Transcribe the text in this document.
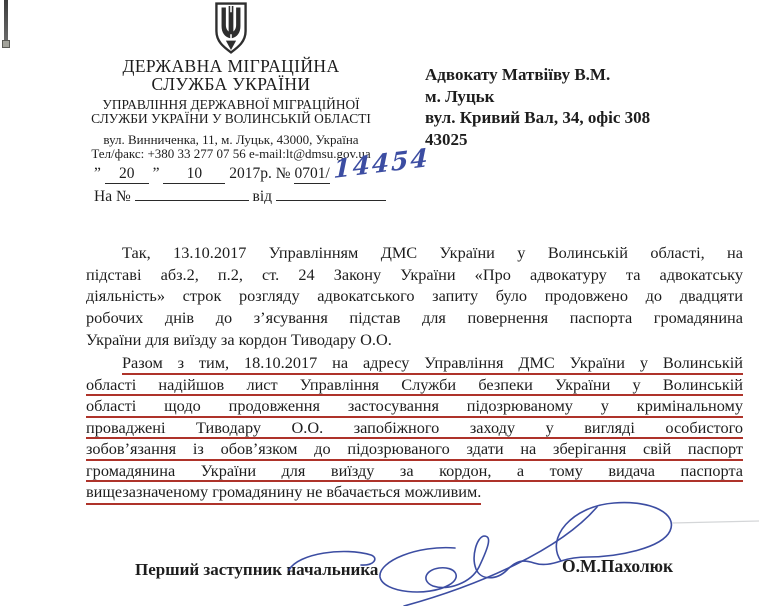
ДЕРЖАВНА МІГРАЦІЙНА
СЛУЖБА УКРАЇНИ
УПРАВЛІННЯ ДЕРЖАВНОЇ МІГРАЦІЙНОЇ
СЛУЖБИ УКРАЇНИ У ВОЛИНСЬКІЙ ОБЛАСТІ
вул. Винниченка, 11, м. Луцьк, 43000, Україна
Тел/факс: +380 33 277 07 56 e-mail:lt@dmsu.gov.ua
” 20 ” 10 2017р. № 0701/ 14454
На №	від
Адвокату Матвіїву В.М.
м. Луцьк
вул. Кривий Вал, 34, офіс 308
43025
Так, 13.10.2017 Управлінням ДМС України у Волинській області, на
підставі абз.2, п.2, ст. 24 Закону України «Про адвокатуру та адвокатську
діяльність» строк розгляду адвокатського запиту було продовжено до двадцяти
робочих днів до з’ясування підстав для повернення паспорта громадянина
України для виїзду за кордон Тиводару О.О.
Разом з тим, 18.10.2017 на адресу Управління ДМС України у Волинській
області надійшов лист Управління Служби безпеки України у Волинській
області щодо продовження застосування підозрюваному у кримінальному
проваджені Тиводару О.О. запобіжного заходу у вигляді особистого
зобов’язання із обов’язком до підозрюваного здати на зберігання свій паспорт
громадянина України для виїзду за кордон, а тому видача паспорта
вищезазначеному громадянину не вбачається можливим.
Перший заступник начальника	О.М.Пахолюк
